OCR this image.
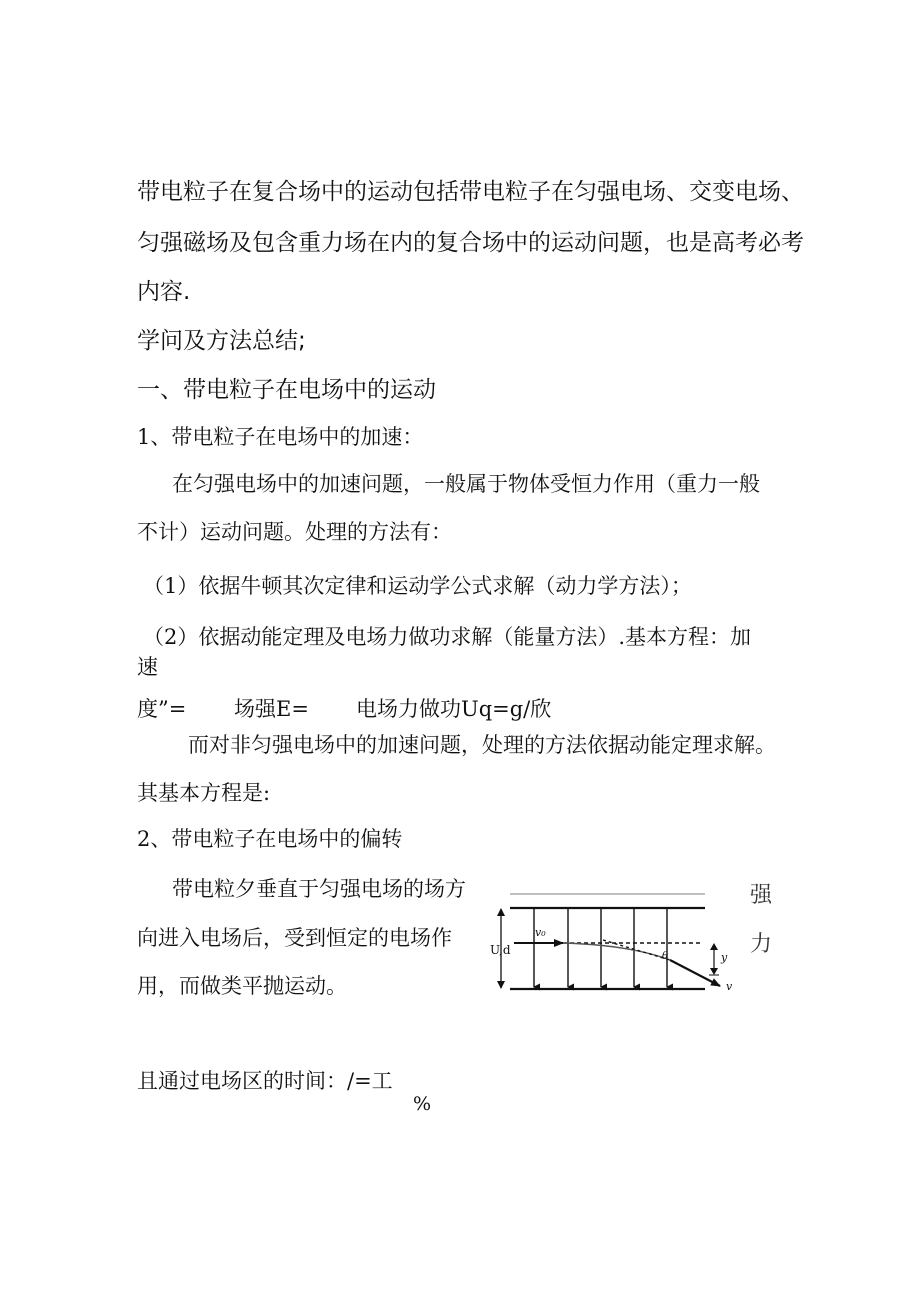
带电粒子在复合场中的运动包括带电粒子在匀强电场、交变电场、
匀强磁场及包含重力场在内的复合场中的运动问题，也是高考必考
内容.
学问及方法总结;
一、带电粒子在电场中的运动
1、带电粒子在电场中的加速：
在匀强电场中的加速问题，一般属于物体受恒力作用（重力一般
不计）运动问题。处理的方法有：
（1）依据牛顿其次定律和运动学公式求解（动力学方法）；
（2）依据动能定理及电场力做功求解（能量方法）.基本方程：加
速
度”= 场强E= 电场力做功Uq=g/欣
而对非匀强电场中的加速问题，处理的方法依据动能定理求解。
其基本方程是:
2、带电粒子在电场中的偏转
带电粒夕垂直于匀强电场的场方
向进入电场后，受到恒定的电场作
用，而做类平抛运动。
强
力
且通过电场区的时间：/=工
%
U,d
v₀
v
θ	y
